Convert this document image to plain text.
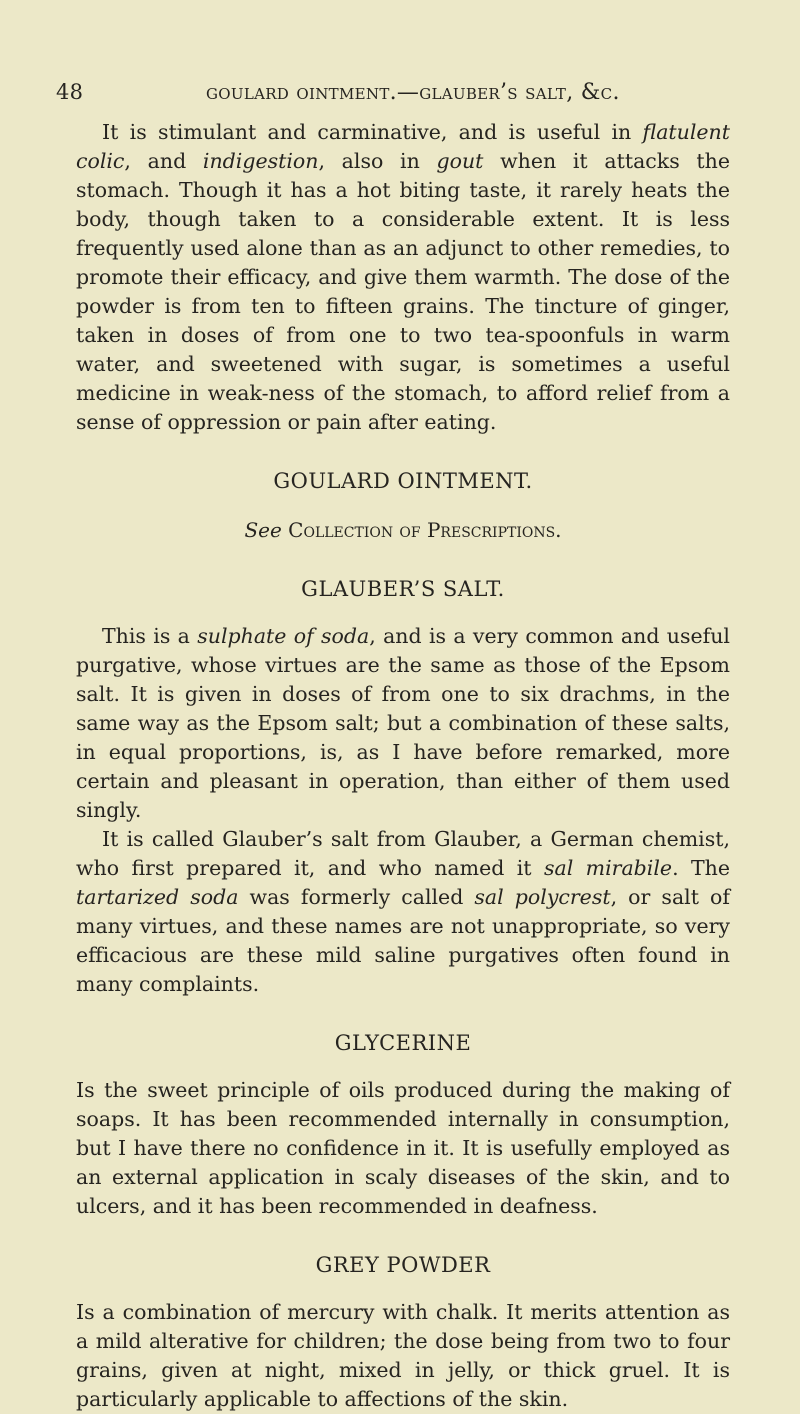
48	goulard ointment.—glauber’s salt, &c.

It is stimulant and carminative, and is useful in flatulent colic, and indigestion, also in gout when it attacks the stomach. Though it has a hot biting taste, it rarely heats the body, though taken to a considerable extent. It is less frequently used alone than as an adjunct to other remedies, to promote their efficacy, and give them warmth. The dose of the powder is from ten to fifteen grains. The tincture of ginger, taken in doses of from one to two tea-spoonfuls in warm water, and sweetened with sugar, is sometimes a useful medicine in weak-ness of the stomach, to afford relief from a sense of oppression or pain after eating.

GOULARD OINTMENT.

See Collection of Prescriptions.

GLAUBER’S SALT.

This is a sulphate of soda, and is a very common and useful purgative, whose virtues are the same as those of the Epsom salt. It is given in doses of from one to six drachms, in the same way as the Epsom salt; but a combination of these salts, in equal proportions, is, as I have before remarked, more certain and pleasant in operation, than either of them used singly.

It is called Glauber’s salt from Glauber, a German chemist, who first prepared it, and who named it sal mirabile. The tartarized soda was formerly called sal polycrest, or salt of many virtues, and these names are not unappropriate, so very efficacious are these mild saline purgatives often found in many complaints.

GLYCERINE

Is the sweet principle of oils produced during the making of soaps. It has been recommended internally in consumption, but I have there no confidence in it. It is usefully employed as an external application in scaly diseases of the skin, and to ulcers, and it has been recommended in deafness.

GREY POWDER

Is a combination of mercury with chalk. It merits attention as a mild alterative for children; the dose being from two to four grains, given at night, mixed in jelly, or thick gruel. It is particularly applicable to affections of the skin.
